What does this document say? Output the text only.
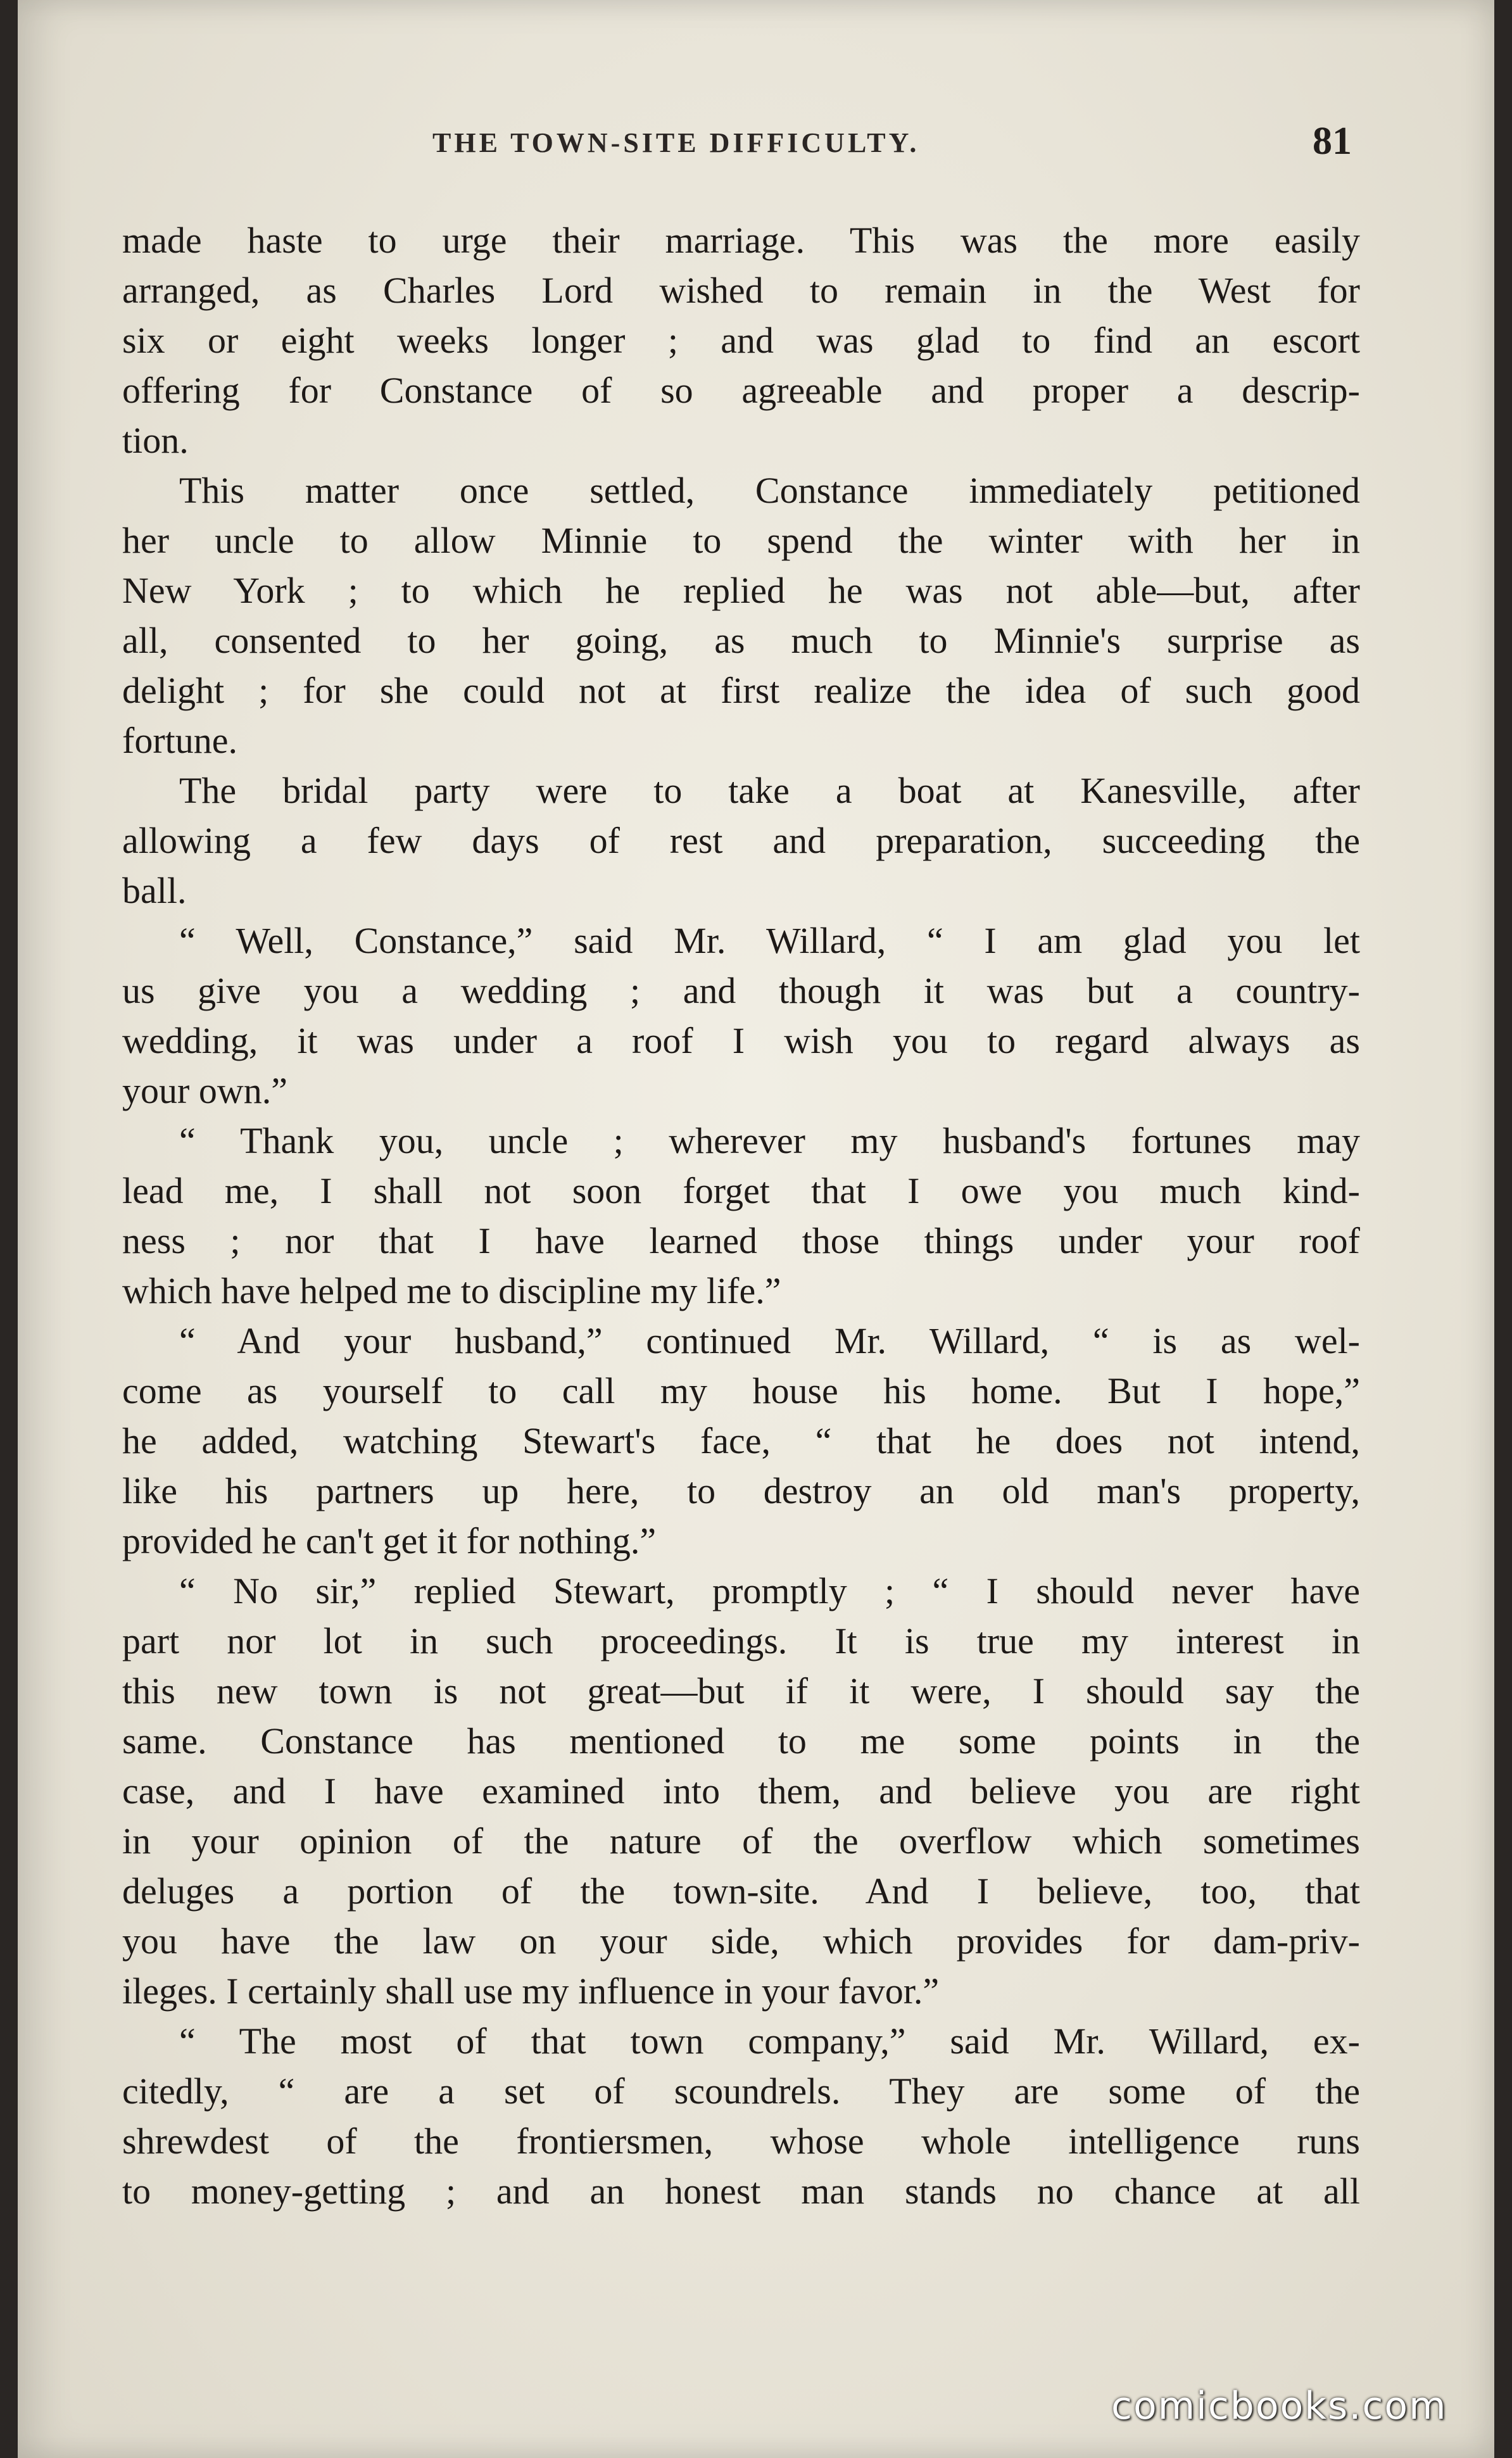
THE TOWN-SITE DIFFICULTY.	81

made haste to urge their marriage. This was the more easily
arranged, as Charles Lord wished to remain in the West for
six or eight weeks longer ; and was glad to find an escort
offering for Constance of so agreeable and proper a descrip-
tion.

This matter once settled, Constance immediately petitioned
her uncle to allow Minnie to spend the winter with her in
New York ; to which he replied he was not able—but, after
all, consented to her going, as much to Minnie's surprise as
delight ; for she could not at first realize the idea of such good
fortune.

The bridal party were to take a boat at Kanesville, after
allowing a few days of rest and preparation, succeeding the
ball.

“ Well, Constance,” said Mr. Willard, “ I am glad you let
us give you a wedding ; and though it was but a country-
wedding, it was under a roof I wish you to regard always as
your own.”

“ Thank you, uncle ; wherever my husband's fortunes may
lead me, I shall not soon forget that I owe you much kind-
ness ; nor that I have learned those things under your roof
which have helped me to discipline my life.”

“ And your husband,” continued Mr. Willard, “ is as wel-
come as yourself to call my house his home. But I hope,”
he added, watching Stewart's face, “ that he does not intend,
like his partners up here, to destroy an old man's property,
provided he can't get it for nothing.”

“ No sir,” replied Stewart, promptly ; “ I should never have
part nor lot in such proceedings. It is true my interest in
this new town is not great—but if it were, I should say the
same. Constance has mentioned to me some points in the
case, and I have examined into them, and believe you are right
in your opinion of the nature of the overflow which sometimes
deluges a portion of the town-site. And I believe, too, that
you have the law on your side, which provides for dam-priv-
ileges. I certainly shall use my influence in your favor.”

“ The most of that town company,” said Mr. Willard, ex-
citedly, “ are a set of scoundrels. They are some of the
shrewdest of the frontiersmen, whose whole intelligence runs
to money-getting ; and an honest man stands no chance at all

comicbooks.com
